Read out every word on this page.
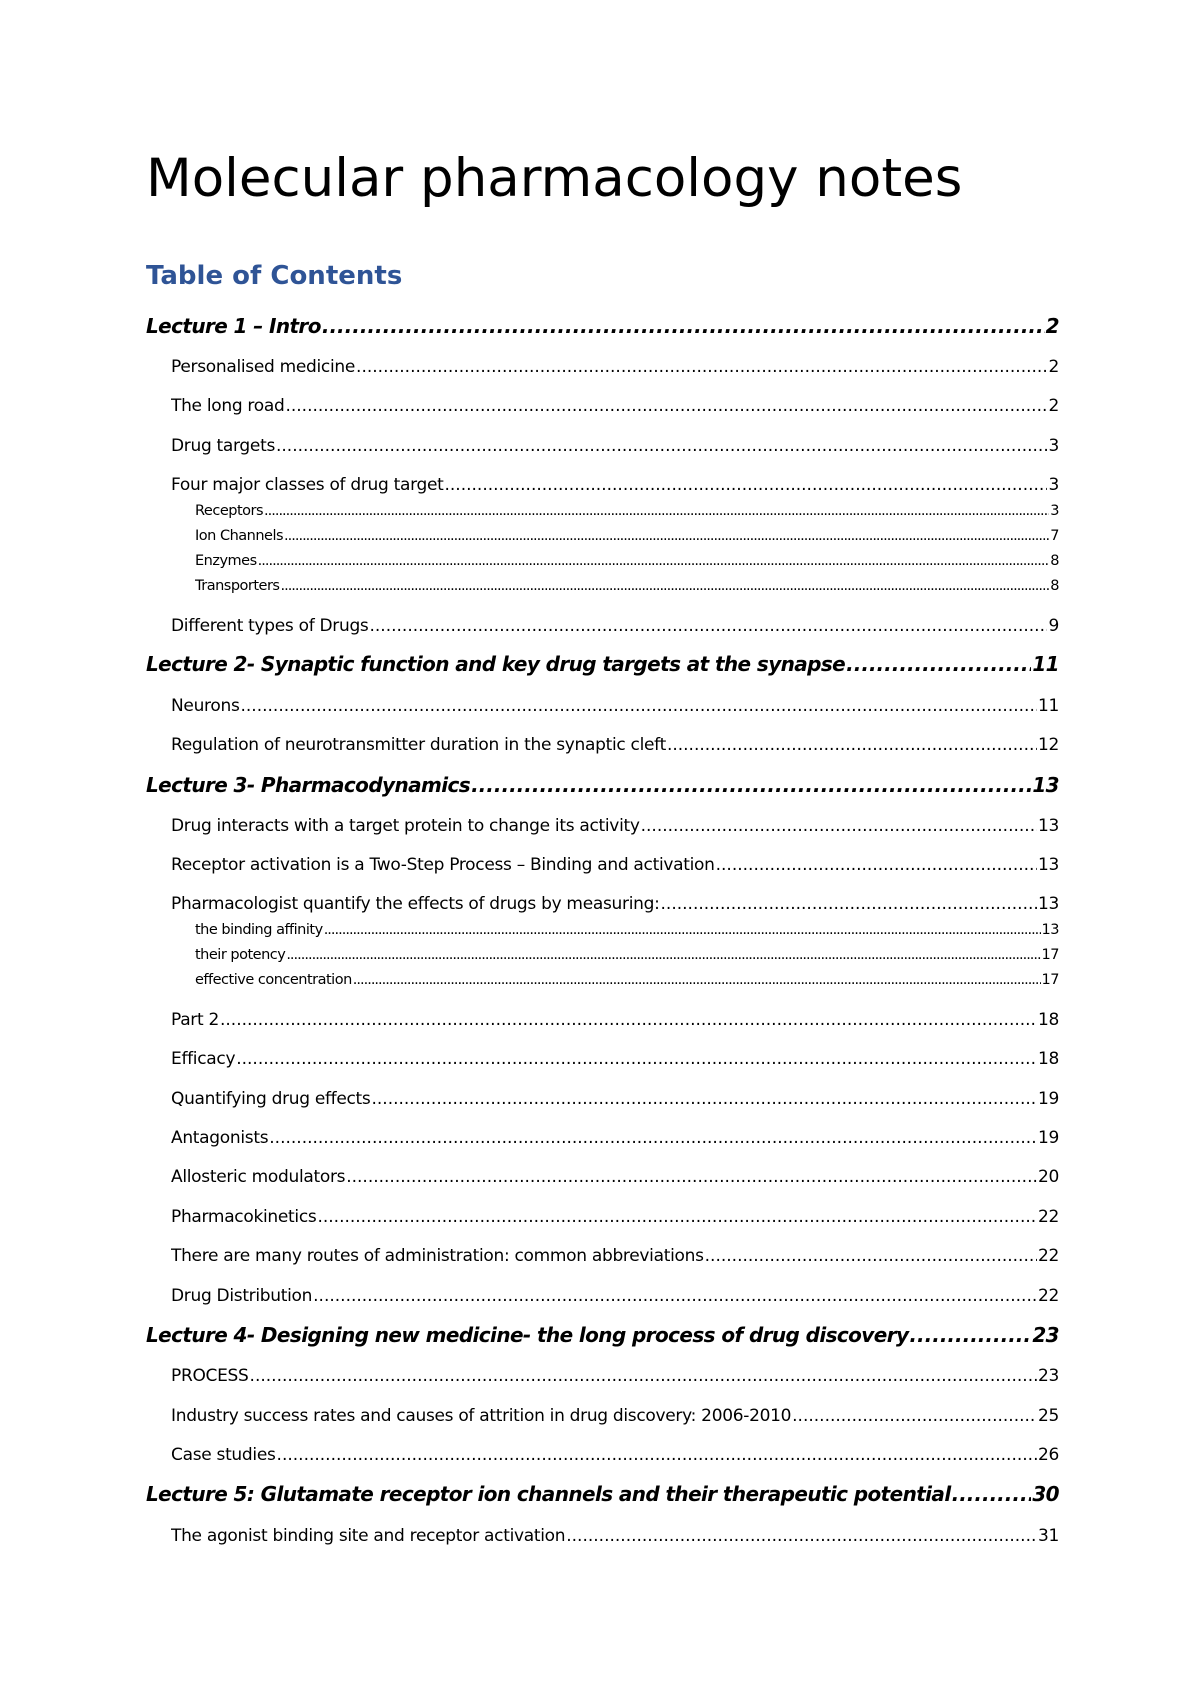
Molecular pharmacology notes
Table of Contents
Lecture 1 – Intro .....	2
Personalised medicine .....	2
The long road .....	2
Drug targets .....	3
Four major classes of drug target .....	3
Receptors .....	3
Ion Channels .....	7
Enzymes .....	8
Transporters .....	8
Different types of Drugs .....	9
Lecture 2- Synaptic function and key drug targets at the synapse .....	11
Neurons .....	11
Regulation of neurotransmitter duration in the synaptic cleft .....	12
Lecture 3- Pharmacodynamics .....	13
Drug interacts with a target protein to change its activity .....	13
Receptor activation is a Two-Step Process – Binding and activation .....	13
Pharmacologist quantify the effects of drugs by measuring: .....	13
the binding affinity .....	13
their potency .....	17
effective concentration .....	17
Part 2 .....	18
Efficacy .....	18
Quantifying drug effects .....	19
Antagonists .....	19
Allosteric modulators .....	20
Pharmacokinetics .....	22
There are many routes of administration: common abbreviations .....	22
Drug Distribution .....	22
Lecture 4- Designing new medicine- the long process of drug discovery .....	23
PROCESS .....	23
Industry success rates and causes of attrition in drug discovery: 2006-2010 .....	25
Case studies .....	26
Lecture 5: Glutamate receptor ion channels and their therapeutic potential .....	30
The agonist binding site and receptor activation .....	31
